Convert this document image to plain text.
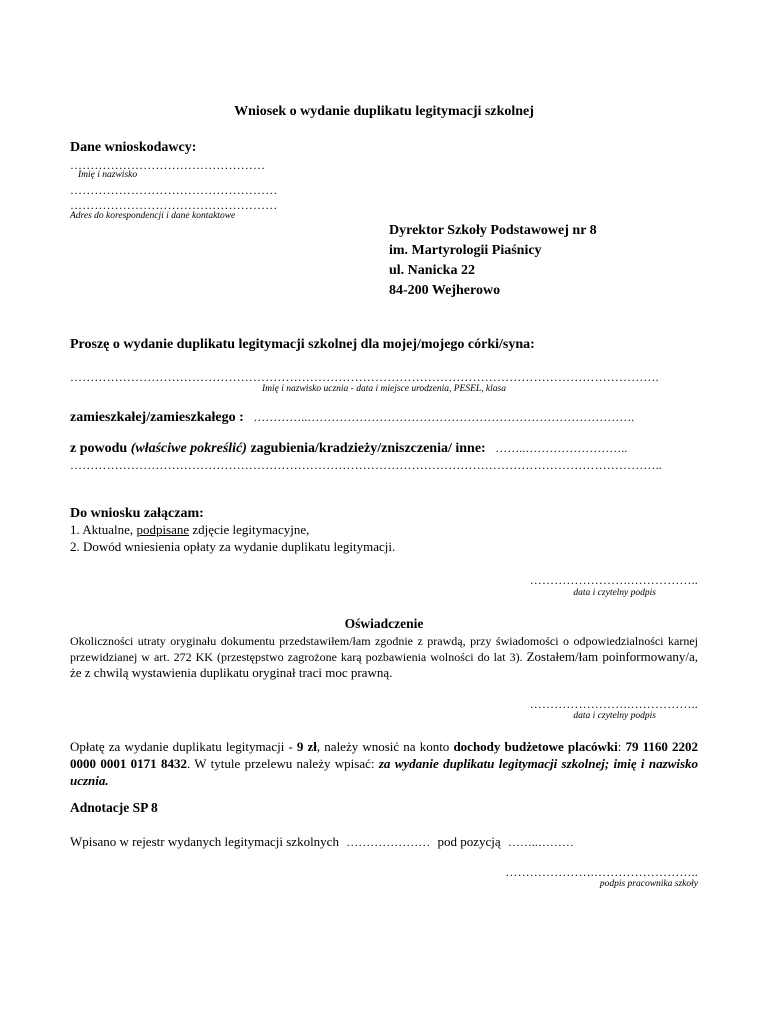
Wniosek o wydanie duplikatu legitymacji szkolnej
Dane wnioskodawcy:
…………………………………………
Imię i nazwisko
……………………………………………
……………………………………………
Adres do korespondencji i dane kontaktowe
Dyrektor Szkoły Podstawowej nr 8
im. Martyrologii Piaśnicy
ul. Nanicka 22
84-200 Wejherowo
Proszę o wydanie duplikatu legitymacji szkolnej dla mojej/mojego córki/syna:
……………………………………………………………………………………………………………………………….
Imię i nazwisko ucznia - data i miejsce urodzenia, PESEL, klasa
zamieszkałej/zamieszkałego : …………..……………………………………………………………………….
z powodu (właściwe pokreślić) zagubienia/kradzieży/zniszczenia/ inne: ……..……………………..
………………………………………………………………………………………………………………………………..
Do wniosku załączam:
1. Aktualne, podpisane zdjęcie legitymacyjne,
2. Dowód wniesienia opłaty za wydanie duplikatu legitymacji.
…………………….……………..
data i czytelny podpis
Oświadczenie
Okoliczności utraty oryginału dokumentu przedstawiłem/łam zgodnie z prawdą, przy świadomości o odpowiedzialności karnej przewidzianej w art. 272 KK (przestępstwo zagrożone karą pozbawienia wolności do lat 3). Zostałem/łam poinformowany/a, że z chwilą wystawienia duplikatu oryginał traci moc prawną.
…………………….……………..
data i czytelny podpis
Opłatę za wydanie duplikatu legitymacji - 9 zł, należy wnosić na konto dochody budżetowe placówki: 79 1160 2202 0000 0001 0171 8432. W tytule przelewu należy wpisać: za wydanie duplikatu legitymacji szkolnej; imię i nazwisko ucznia.
Adnotacje SP 8
Wpisano w rejestr wydanych legitymacji szkolnych ………………… pod pozycją ……..………
………………….……………………..
podpis pracownika szkoły
